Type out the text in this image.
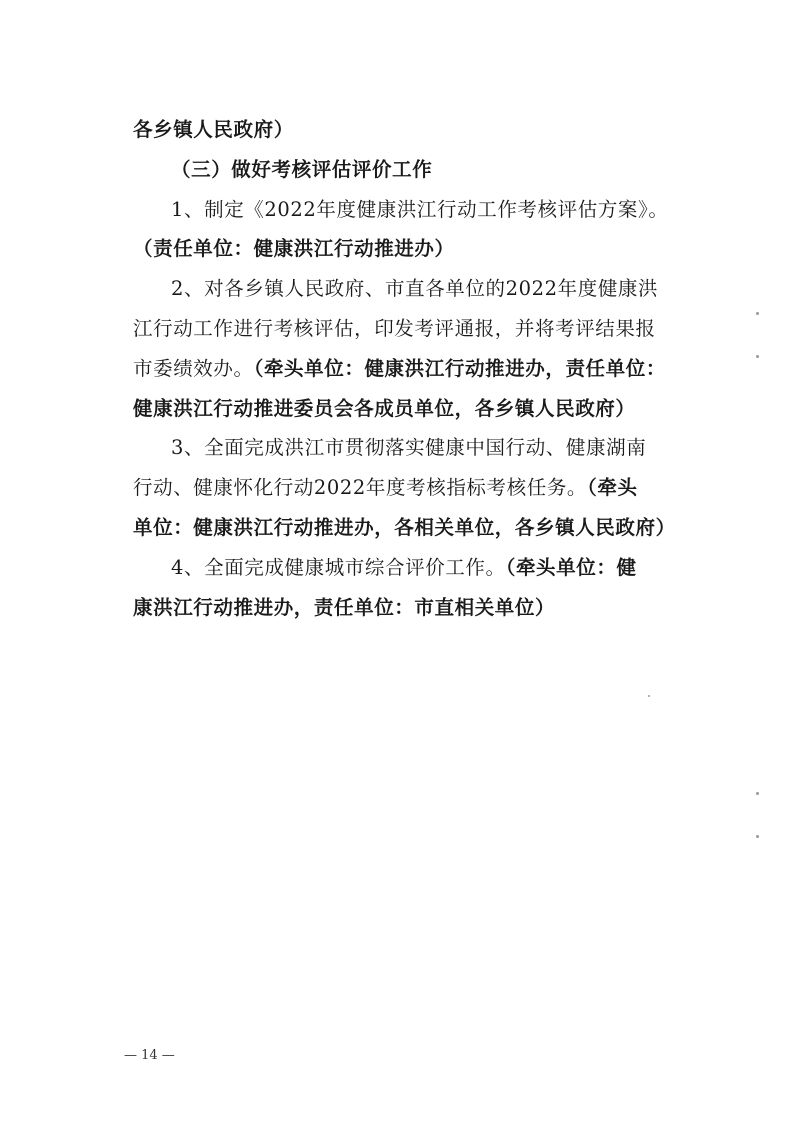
各乡镇人民政府）
（三）做好考核评估评价工作
1、制定《2022年度健康洪江行动工作考核评估方案》。
（责任单位：健康洪江行动推进办）
2、对各乡镇人民政府、市直各单位的2022年度健康洪
江行动工作进行考核评估，印发考评通报，并将考评结果报
市委绩效办。（牵头单位：健康洪江行动推进办，责任单位：
健康洪江行动推进委员会各成员单位，各乡镇人民政府）
3、全面完成洪江市贯彻落实健康中国行动、健康湖南
行动、健康怀化行动2022年度考核指标考核任务。（牵头
单位：健康洪江行动推进办，各相关单位，各乡镇人民政府）
4、全面完成健康城市综合评价工作。（牵头单位：健
康洪江行动推进办，责任单位：市直相关单位）
— 14 —
